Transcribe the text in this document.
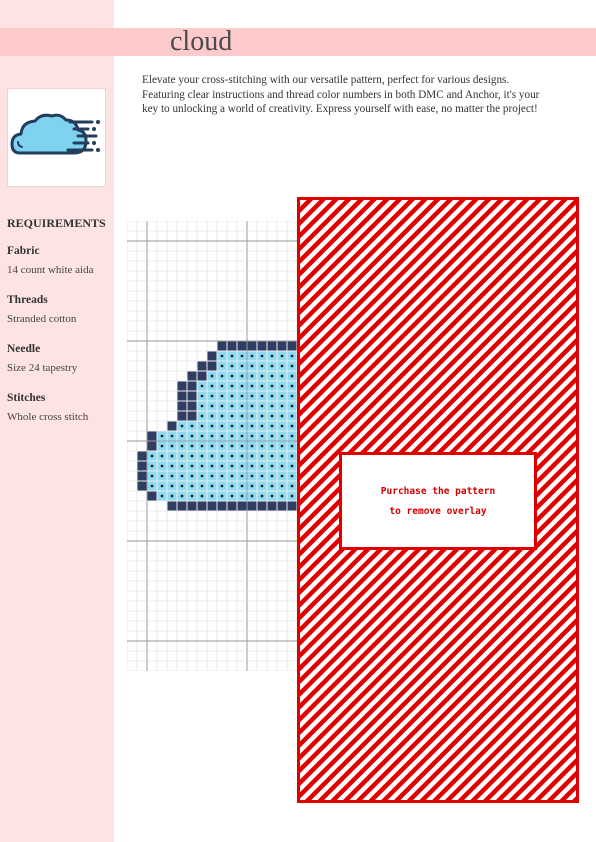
cloud

Elevate your cross-stitching with our versatile pattern, perfect for various designs. Featuring clear instructions and thread color numbers in both DMC and Anchor, it's your key to unlocking a world of creativity. Express yourself with ease, no matter the project!

REQUIREMENTS

Fabric

14 count white aida

Threads

Stranded cotton

Needle

Size 24 tapestry

Stitches

Whole cross stitch

Purchase the pattern

to remove overlay
